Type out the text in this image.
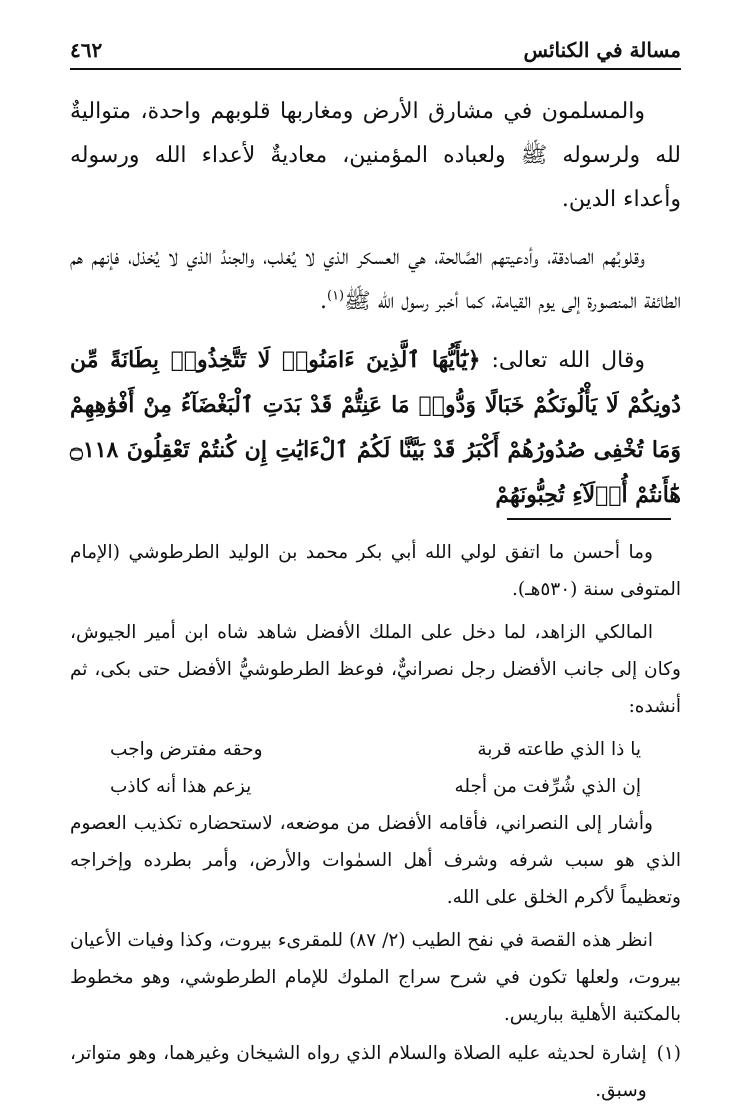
مسالة في الكنائس
٤٦٢

والمسلمون في مشارق الأرض ومغاربها قلوبهم واحدة، متواليةٌ لله ولرسوله ﷺ ولعباده المؤمنين، معاديةٌ لأعداء الله ورسوله وأعداء الدين.

وقلوبُهم الصادقة، وأدعيتهم الصَّالحة، هي العسكر الذي لا يُغلب، والجندُ الذي لا يُخذل، فإنهم هم الطائفة المنصورة إلى يوم القيامة، كما أخبر رسول الله ﷺ$^{(١)}$.

وقال الله تعالى: ﴿يَٰٓأَيُّهَا ٱلَّذِينَ ءَامَنُوا۟ لَا تَتَّخِذُوا۟ بِطَانَةً مِّن دُونِكُمْ لَا يَأْلُونَكُمْ خَبَالًا وَدُّوا۟ مَا عَنِتُّمْ قَدْ بَدَتِ ٱلْبَغْضَآءُ مِنْ أَفْوَٰهِهِمْ وَمَا تُخْفِى صُدُورُهُمْ أَكْبَرُ قَدْ بَيَّنَّا لَكُمُ ٱلْءَايَٰتِ إِن كُنتُمْ تَعْقِلُونَ ۝١١٨ هَٰٓأَنتُمْ أُو۟لَآءِ تُحِبُّونَهُمْ

وما أحسن ما اتفق لولي الله أبي بكر محمد بن الوليد الطرطوشي (الإمام المتوفى سنة (٥٣٠هـ).

المالكي الزاهد، لما دخل على الملك الأفضل شاهد شاه ابن أمير الجيوش، وكان إلى جانب الأفضل رجل نصرانيٌّ، فوعظ الطرطوشيُّ الأفضل حتى بكى، ثم أنشده:

يا ذا الذي طاعته قربة
وحقه مفترض واجب
إن الذي شُرِّفت من أجله
يزعم هذا أنه كاذب

وأشار إلى النصراني، فأقامه الأفضل من موضعه، لاستحضاره تكذيب العصوم الذي هو سبب شرفه وشرف أهل السمٰوات والأرض، وأمر بطرده وإخراجه وتعظيماً لأكرم الخلق على الله.

انظر هذه القصة في نفح الطيب (٢/ ٨٧) للمقرىء بيروت، وكذا وفيات الأعيان بيروت، ولعلها تكون في شرح سراج الملوك للإمام الطرطوشي، وهو مخطوط بالمكتبة الأهلية بباريس.

(١)
إشارة لحديثه عليه الصلاة والسلام الذي رواه الشيخان وغيرهما، وهو متواتر، وسبق.
